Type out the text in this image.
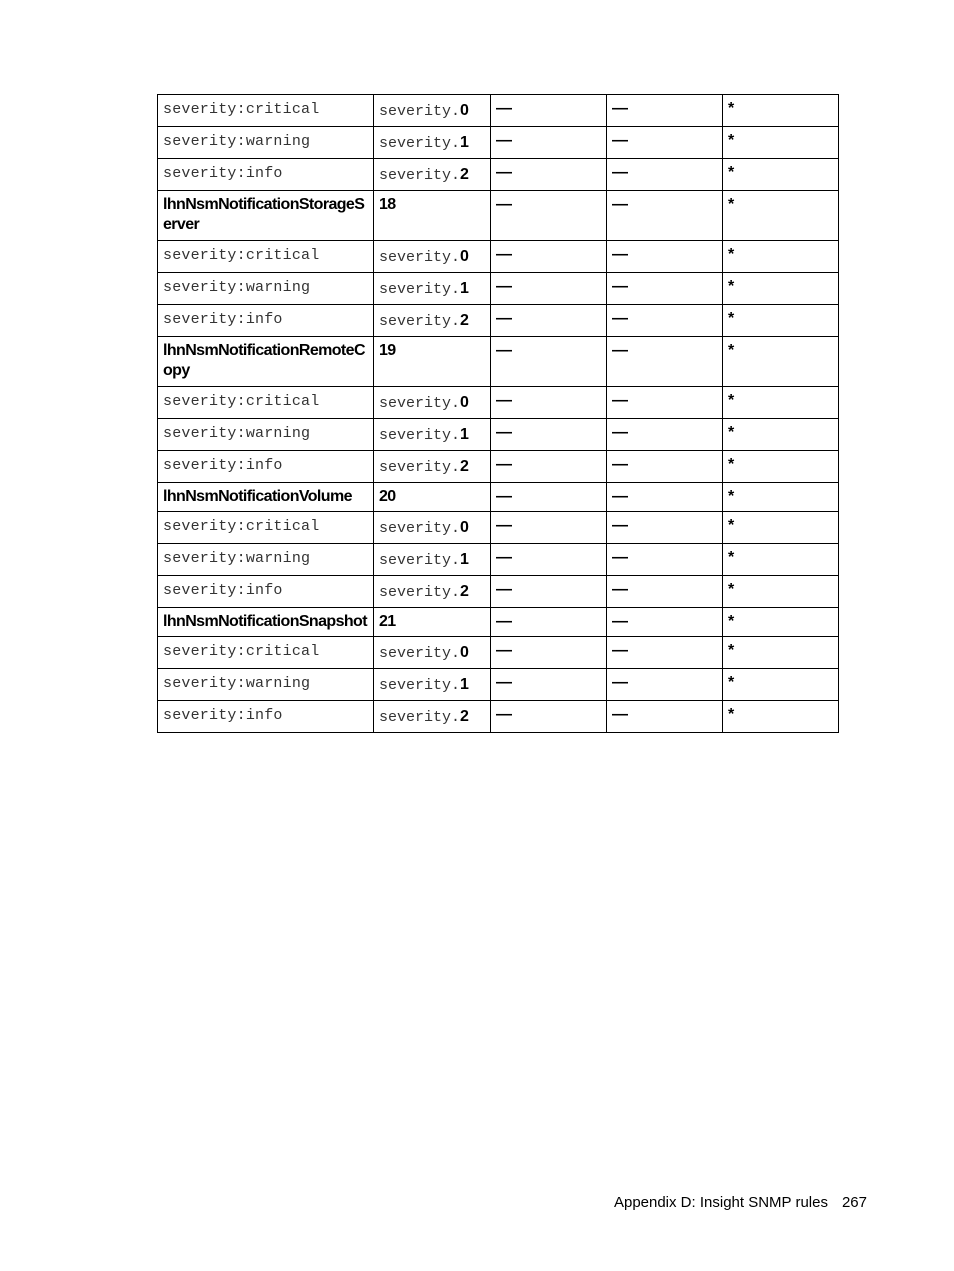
severity:critical	severity.0	—	—	*
severity:warning	severity.1	—	—	*
severity:info	severity.2	—	—	*
lhnNsmNotificationStorageServer	18	—	—	*
severity:critical	severity.0	—	—	*
severity:warning	severity.1	—	—	*
severity:info	severity.2	—	—	*
lhnNsmNotificationRemoteCopy	19	—	—	*
severity:critical	severity.0	—	—	*
severity:warning	severity.1	—	—	*
severity:info	severity.2	—	—	*
lhnNsmNotificationVolume	20	—	—	*
severity:critical	severity.0	—	—	*
severity:warning	severity.1	—	—	*
severity:info	severity.2	—	—	*
lhnNsmNotificationSnapshot	21	—	—	*
severity:critical	severity.0	—	—	*
severity:warning	severity.1	—	—	*
severity:info	severity.2	—	—	*
Appendix D: Insight SNMP rules 267
